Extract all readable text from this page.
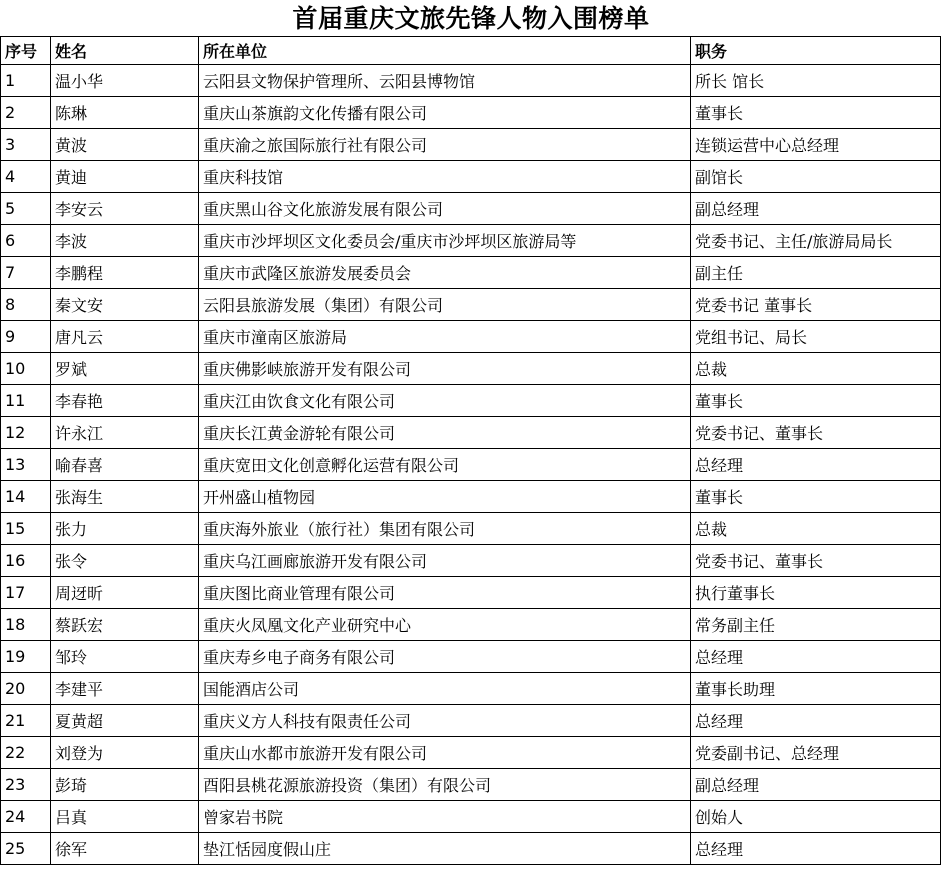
首届重庆文旅先锋人物入围榜单
序号	姓名	所在单位	职务
1	温小华	云阳县文物保护管理所、云阳县博物馆	所长 馆长
2	陈琳	重庆山茶旗韵文化传播有限公司	董事长
3	黄波	重庆渝之旅国际旅行社有限公司	连锁运营中心总经理
4	黄迪	重庆科技馆	副馆长
5	李安云	重庆黑山谷文化旅游发展有限公司	副总经理
6	李波	重庆市沙坪坝区文化委员会/重庆市沙坪坝区旅游局等	党委书记、主任/旅游局局长
7	李鹏程	重庆市武隆区旅游发展委员会	副主任
8	秦文安	云阳县旅游发展（集团）有限公司	党委书记 董事长
9	唐凡云	重庆市潼南区旅游局	党组书记、局长
10	罗斌	重庆佛影峡旅游开发有限公司	总裁
11	李春艳	重庆江由饮食文化有限公司	董事长
12	许永江	重庆长江黄金游轮有限公司	党委书记、董事长
13	喻春喜	重庆宽田文化创意孵化运营有限公司	总经理
14	张海生	开州盛山植物园	董事长
15	张力	重庆海外旅业（旅行社）集团有限公司	总裁
16	张令	重庆乌江画廊旅游开发有限公司	党委书记、董事长
17	周迓昕	重庆图比商业管理有限公司	执行董事长
18	蔡跃宏	重庆火凤凰文化产业研究中心	常务副主任
19	邹玲	重庆寿乡电子商务有限公司	总经理
20	李建平	国能酒店公司	董事长助理
21	夏黄超	重庆义方人科技有限责任公司	总经理
22	刘登为	重庆山水都市旅游开发有限公司	党委副书记、总经理
23	彭琦	酉阳县桃花源旅游投资（集团）有限公司	副总经理
24	吕真	曾家岩书院	创始人
25	徐军	垫江恬园度假山庄	总经理
